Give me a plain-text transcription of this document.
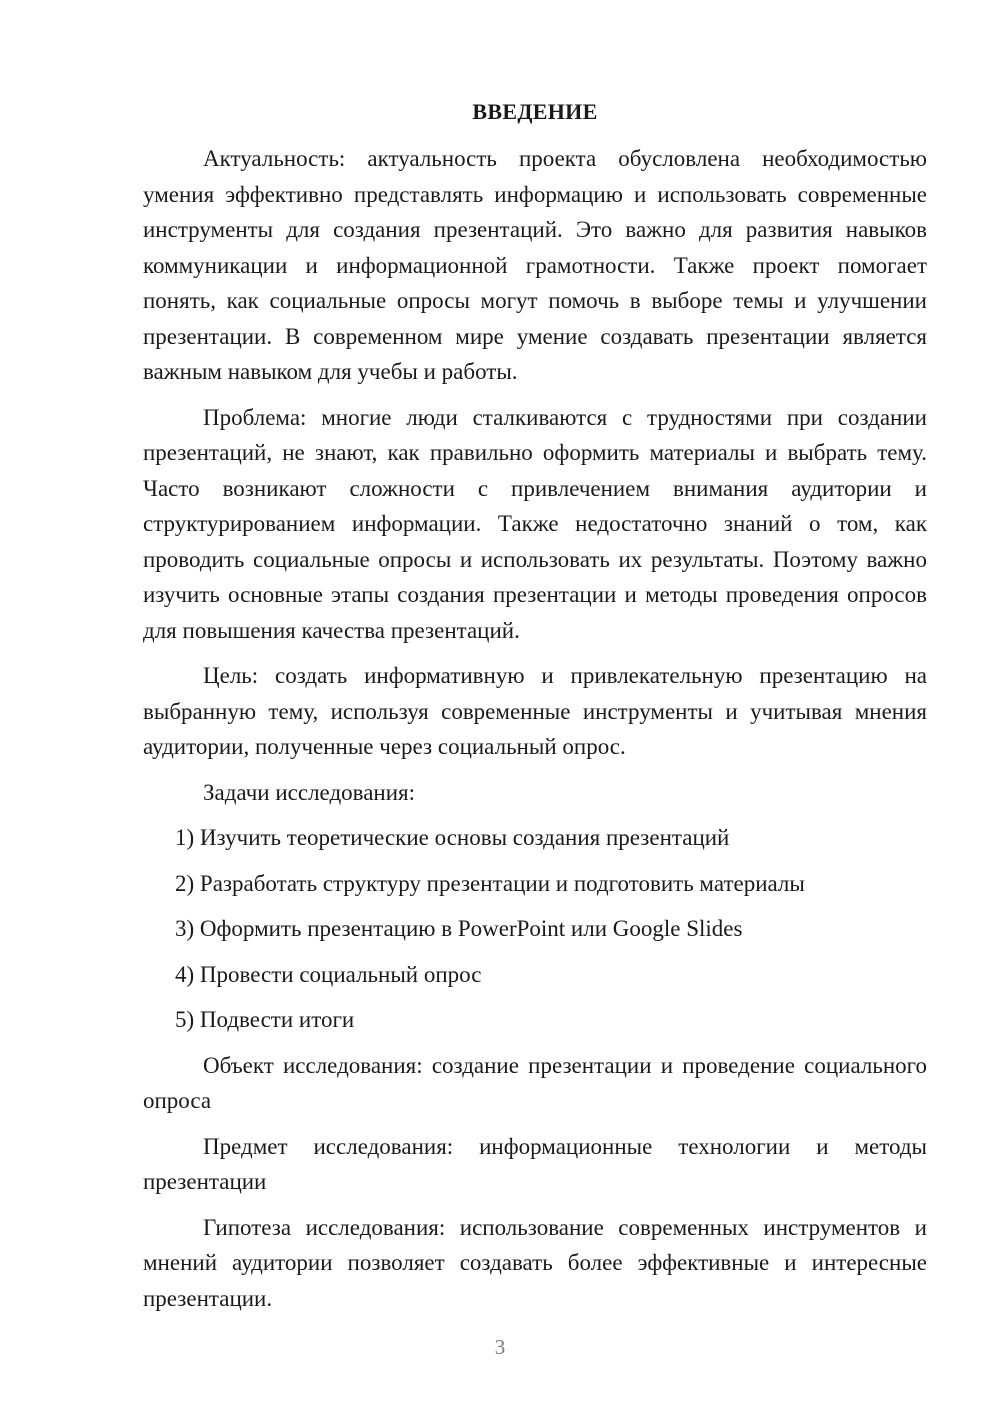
ВВЕДЕНИЕ

Актуальность: актуальность проекта обусловлена необходимостью умения эффективно представлять информацию и использовать современные инструменты для создания презентаций. Это важно для развития навыков коммуникации и информационной грамотности. Также проект помогает понять, как социальные опросы могут помочь в выборе темы и улучшении презентации. В современном мире умение создавать презентации является важным навыком для учебы и работы.

Проблема: многие люди сталкиваются с трудностями при создании презентаций, не знают, как правильно оформить материалы и выбрать тему. Часто возникают сложности с привлечением внимания аудитории и структурированием информации. Также недостаточно знаний о том, как проводить социальные опросы и использовать их результаты. Поэтому важно изучить основные этапы создания презентации и методы проведения опросов для повышения качества презентаций.

Цель: создать информативную и привлекательную презентацию на выбранную тему, используя современные инструменты и учитывая мнения аудитории, полученные через социальный опрос.

Задачи исследования:

1) Изучить теоретические основы создания презентаций

2) Разработать структуру презентации и подготовить материалы

3) Оформить презентацию в PowerPoint или Google Slides

4) Провести социальный опрос

5) Подвести итоги

Объект исследования: создание презентации и проведение социального опроса

Предмет исследования: информационные технологии и методы презентации

Гипотеза исследования: использование современных инструментов и мнений аудитории позволяет создавать более эффективные и интересные презентации.

3
